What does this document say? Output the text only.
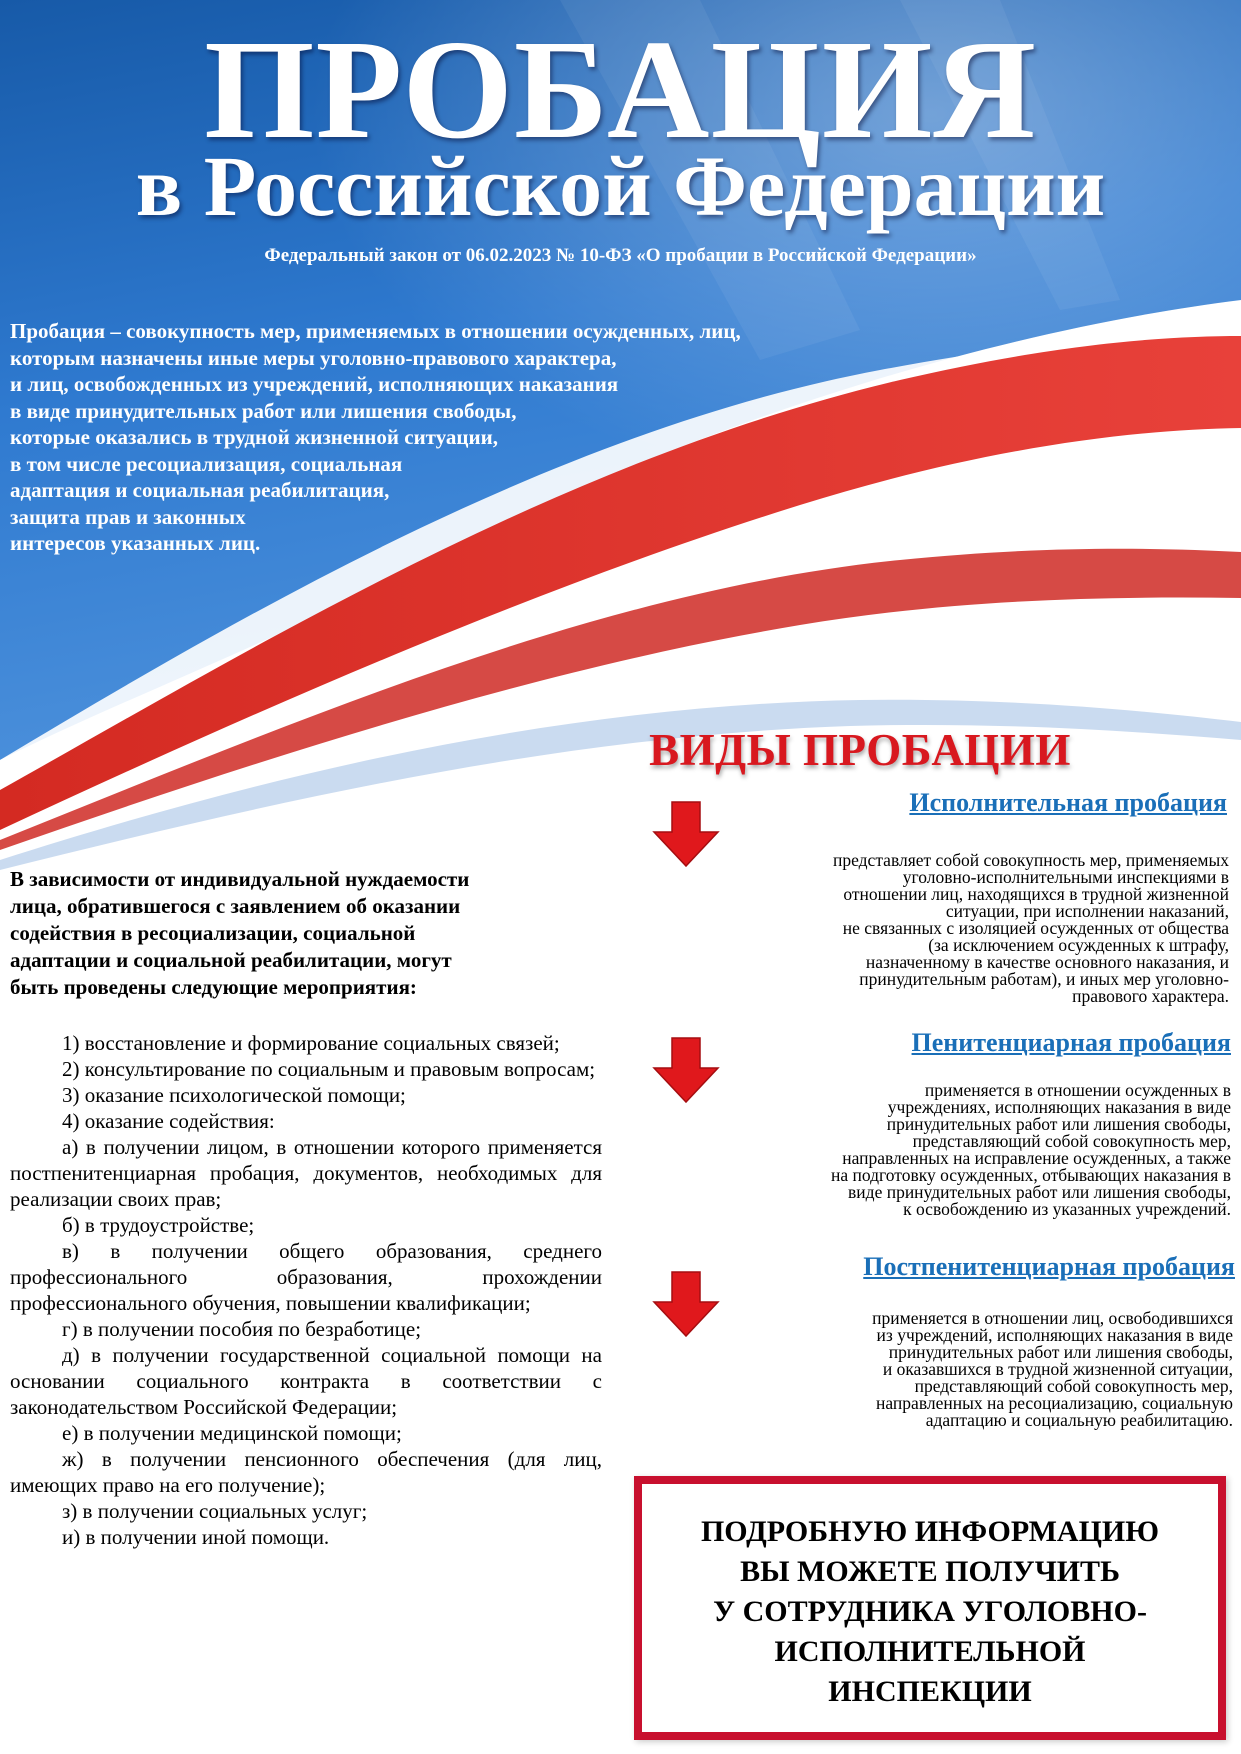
ПРОБАЦИЯ
в Российской Федерации
Федеральный закон от 06.02.2023 № 10-ФЗ «О пробации в Российской Федерации»
Пробация – совокупность мер, применяемых в отношении осужденных, лиц,
которым назначены иные меры уголовно-правового характера,
и лиц, освобожденных из учреждений, исполняющих наказания
в виде принудительных работ или лишения свободы,
которые оказались в трудной жизненной ситуации,
в том числе ресоциализация, социальная
адаптация и социальная реабилитация,
защита прав и законных
интересов указанных лиц.
ВИДЫ ПРОБАЦИИ
Исполнительная пробация
представляет собой совокупность мер, применяемых
уголовно-исполнительными инспекциями в
отношении лиц, находящихся в трудной жизненной
ситуации, при исполнении наказаний,
не связанных с изоляцией осужденных от общества
(за исключением осужденных к штрафу,
назначенному в качестве основного наказания, и
принудительным работам), и иных мер уголовно-
правового характера.
Пенитенциарная пробация
применяется в отношении осужденных в
учреждениях, исполняющих наказания в виде
принудительных работ или лишения свободы,
представляющий собой совокупность мер,
направленных на исправление осужденных, а также
на подготовку осужденных, отбывающих наказания в
виде принудительных работ или лишения свободы,
к освобождению из указанных учреждений.
Постпенитенциарная пробация
применяется в отношении лиц, освободившихся
из учреждений, исполняющих наказания в виде
принудительных работ или лишения свободы,
и оказавшихся в трудной жизненной ситуации,
представляющий собой совокупность мер,
направленных на ресоциализацию, социальную
адаптацию и социальную реабилитацию.
В зависимости от индивидуальной нуждаемости
лица, обратившегося с заявлением об оказании
содействия в ресоциализации, социальной
адаптации и социальной реабилитации, могут
быть проведены следующие мероприятия:

1) восстановление и формирование социальных связей;

2) консультирование по социальным и правовым вопросам;

3) оказание психологической помощи;

4) оказание содействия:

а) в получении лицом, в отношении которого применяется постпенитенциарная пробация, документов, необходимых для реализации своих прав;

б) в трудоустройстве;

в) в получении общего образования, среднего профессионального образования, прохождении профессионального обучения, повышении квалификации;

г) в получении пособия по безработице;

д) в получении государственной социальной помощи на основании социального контракта в соответствии с законодательством Российской Федерации;

е) в получении медицинской помощи;

ж) в получении пенсионного обеспечения (для лиц, имеющих право на его получение);

з) в получении социальных услуг;

и) в получении иной помощи.	ПОДРОБНУЮ ИНФОРМАЦИЮ
ВЫ МОЖЕТЕ ПОЛУЧИТЬ
У СОТРУДНИКА УГОЛОВНО-
ИСПОЛНИТЕЛЬНОЙ
ИНСПЕКЦИИ
